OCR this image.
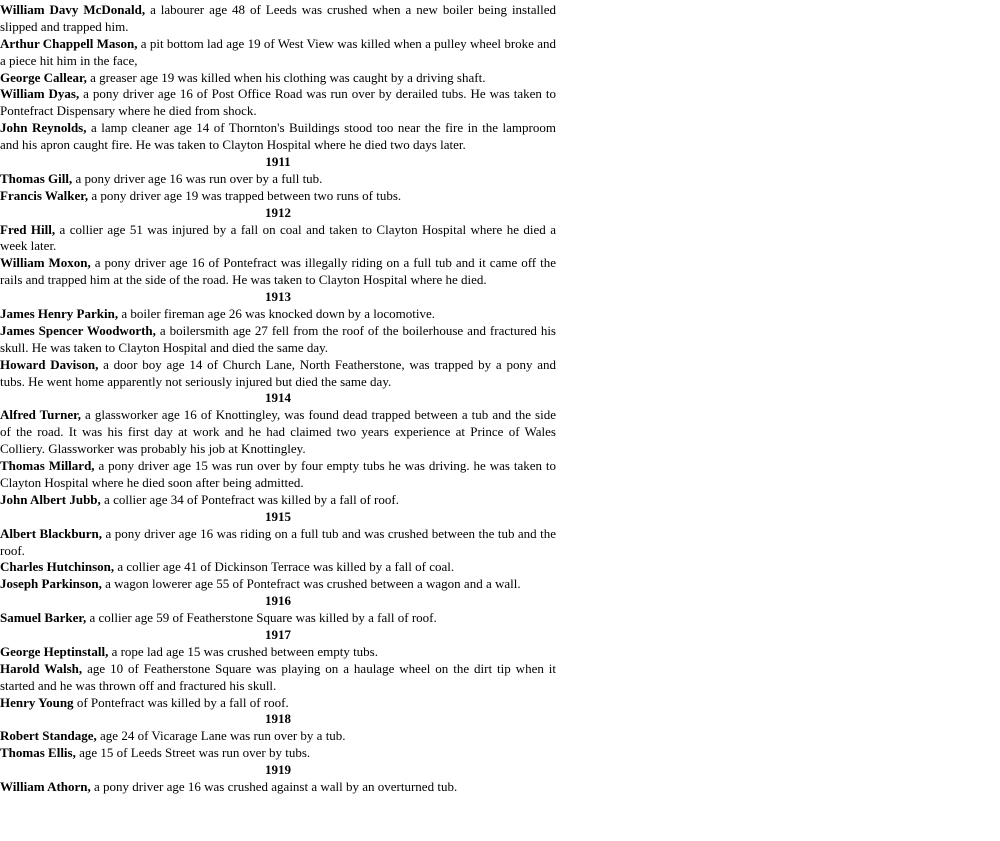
William Davy McDonald, a labourer age 48 of Leeds was crushed when a new boiler being installed slipped and trapped him.

Arthur Chappell Mason, a pit bottom lad age 19 of West View was killed when a pulley wheel broke and a piece hit him in the face,

George Callear, a greaser age 19 was killed when his clothing was caught by a driving shaft.

William Dyas, a pony driver age 16 of Post Office Road was run over by derailed tubs. He was taken to Pontefract Dispensary where he died from shock.

John Reynolds, a lamp cleaner age 14 of Thornton's Buildings stood too near the fire in the lamproom and his apron caught fire. He was taken to Clayton Hospital where he died two days later.

1911

Thomas Gill, a pony driver age 16 was run over by a full tub.

Francis Walker, a pony driver age 19 was trapped between two runs of tubs.

1912

Fred Hill, a collier age 51 was injured by a fall on coal and taken to Clayton Hospital where he died a week later.

William Moxon, a pony driver age 16 of Pontefract was illegally riding on a full tub and it came off the rails and trapped him at the side of the road. He was taken to Clayton Hospital where he died.

1913

James Henry Parkin, a boiler fireman age 26 was knocked down by a locomotive.

James Spencer Woodworth, a boilersmith age 27 fell from the roof of the boilerhouse and fractured his skull. He was taken to Clayton Hospital and died the same day.

Howard Davison, a door boy age 14 of Church Lane, North Featherstone, was trapped by a pony and tubs. He went home apparently not seriously injured but died the same day.

1914

Alfred Turner, a glassworker age 16 of Knottingley, was found dead trapped between a tub and the side of the road. It was his first day at work and he had claimed two years experience at Prince of Wales Colliery. Glassworker was probably his job at Knottingley.

Thomas Millard, a pony driver age 15 was run over by four empty tubs he was driving. he was taken to Clayton Hospital where he died soon after being admitted.

John Albert Jubb, a collier age 34 of Pontefract was killed by a fall of roof.

1915

Albert Blackburn, a pony driver age 16 was riding on a full tub and was crushed between the tub and the roof.

Charles Hutchinson, a collier age 41 of Dickinson Terrace was killed by a fall of coal.

Joseph Parkinson, a wagon lowerer age 55 of Pontefract was crushed between a wagon and a wall.

1916

Samuel Barker, a collier age 59 of Featherstone Square was killed by a fall of roof.

1917

George Heptinstall, a rope lad age 15 was crushed between empty tubs.

Harold Walsh, age 10 of Featherstone Square was playing on a haulage wheel on the dirt tip when it started and he was thrown off and fractured his skull.

Henry Young of Pontefract was killed by a fall of roof.

1918

Robert Standage, age 24 of Vicarage Lane was run over by a tub.

Thomas Ellis, age 15 of Leeds Street was run over by tubs.

1919

William Athorn, a pony driver age 16 was crushed against a wall by an overturned tub.
